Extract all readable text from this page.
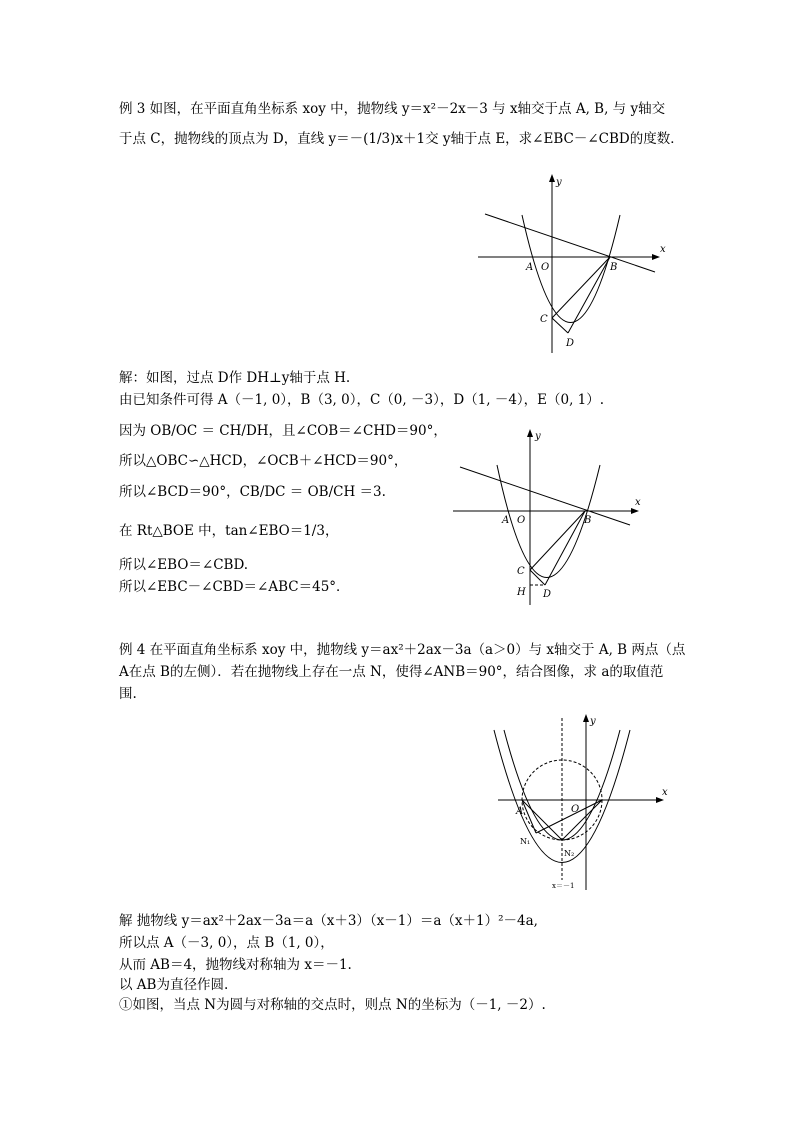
例 3 如图，在平面直角坐标系 xoy 中，抛物线 y＝x²－2x－3 与 x轴交于点 A, B, 与 y轴交
于点 C，抛物线的顶点为 D，直线 y＝－(1/3)x＋1交 y轴于点 E，求∠EBC－∠CBD的度数．
y
x
A O	B
C
D
解：如图，过点 D作 DH⊥y轴于点 H.
由已知条件可得 A（－1, 0），B（3, 0），C（0, －3），D（1, －4），E（0, 1）.
因为 OB/OC ＝ CH/DH，且∠COB＝∠CHD＝90°，
所以△OBC∽△HCD，∠OCB＋∠HCD＝90°，
所以∠BCD＝90°，CB/DC ＝ OB/CH ＝3.
在 Rt△BOE 中，tan∠EBO＝1/3，
所以∠EBO＝∠CBD.
所以∠EBC－∠CBD＝∠ABC＝45°．
y
x
A O	B
C
H D
例 4 在平面直角坐标系 xoy 中，抛物线 y＝ax²＋2ax－3a（a＞0）与 x轴交于 A, B 两点（点
A在点 B的左侧）．若在抛物线上存在一点 N，使得∠ANB＝90°，结合图像，求 a的取值范
围.
y
x
A	O
N₁
N₂
x＝－1
解 抛物线 y＝ax²＋2ax－3a＝a（x＋3）（x－1）＝a（x＋1）²－4a,
所以点 A（－3, 0），点 B（1, 0），
从而 AB＝4，抛物线对称轴为 x＝－1.
以 AB为直径作圆.
①如图，当点 N为圆与对称轴的交点时，则点 N的坐标为（－1, －2）.
